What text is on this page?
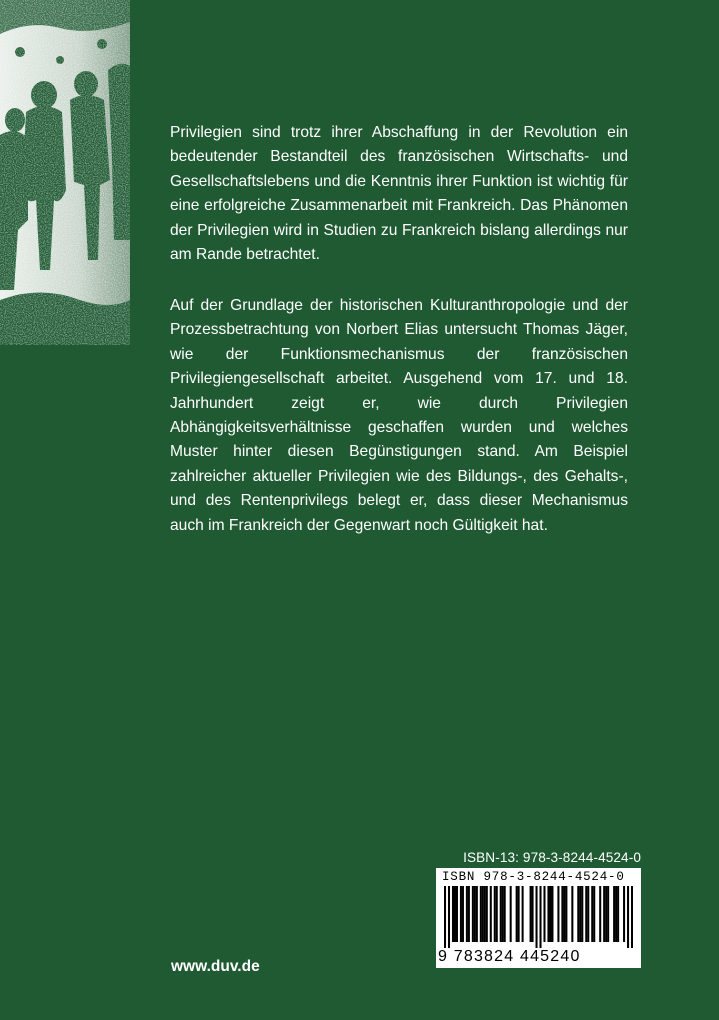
Privilegien sind trotz ihrer Abschaffung in der Revolution ein bedeutender Bestandteil des französischen Wirtschafts- und Gesellschaftslebens und die Kenntnis ihrer Funktion ist wichtig für eine erfolgreiche Zusammenarbeit mit Frankreich. Das Phänomen der Privilegien wird in Studien zu Frankreich bislang allerdings nur am Rande betrachtet.

Auf der Grundlage der historischen Kulturanthropologie und der Prozessbetrachtung von Norbert Elias untersucht Thomas Jäger, wie der Funktionsmechanismus der französischen Privilegiengesellschaft arbeitet. Ausgehend vom 17. und 18. Jahrhundert zeigt er, wie durch Privilegien Abhängigkeitsverhältnisse geschaffen wurden und welches Muster hinter diesen Begünstigungen stand. Am Beispiel zahlreicher aktueller Privilegien wie des Bildungs-, des Gehalts-, und des Rentenprivilegs belegt er, dass dieser Mechanismus auch im Frankreich der Gegenwart noch Gültigkeit hat.

ISBN-13: 978-3-8244-4524-0
ISBN 978-3-8244-4524-0
9 783824 445240
www.duv.de
